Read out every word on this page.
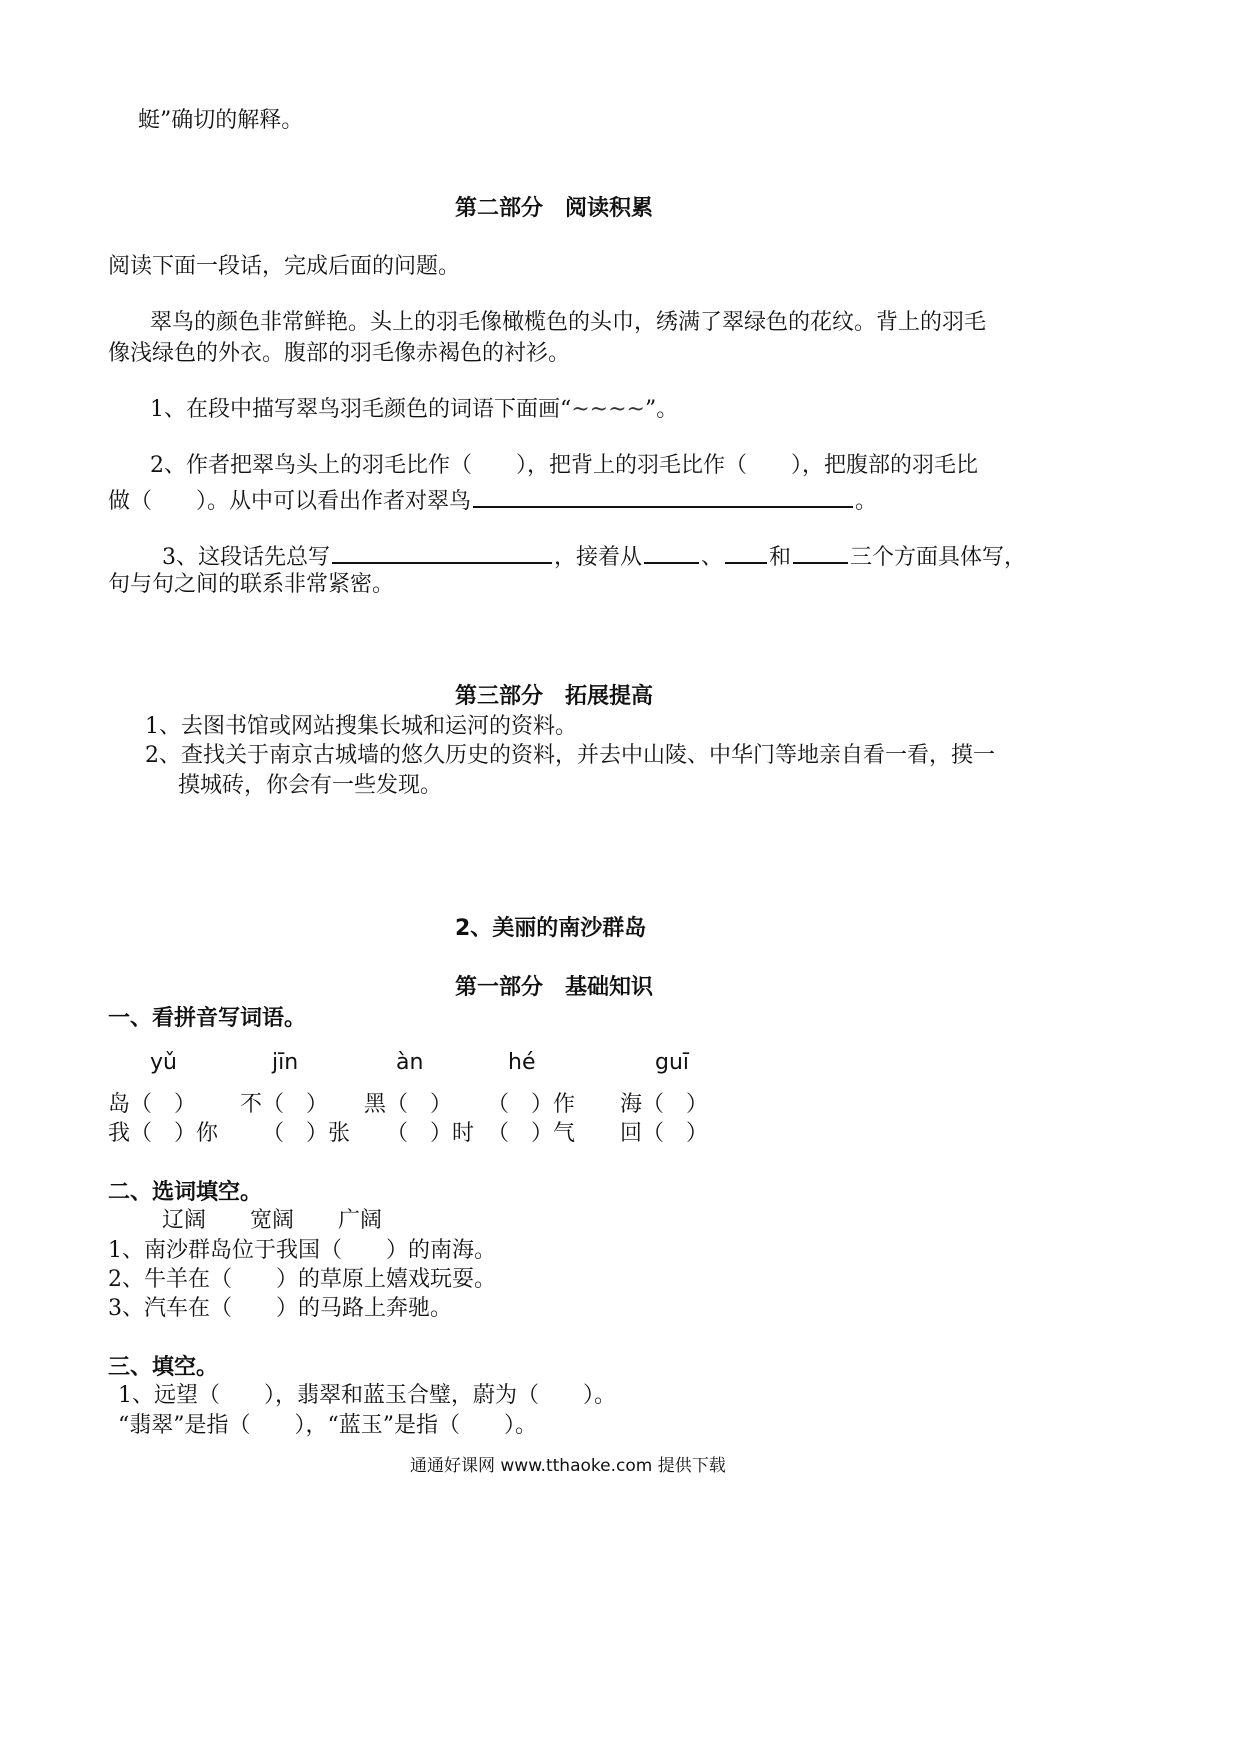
蜓”确切的解释。
第二部分　阅读积累
阅读下面一段话，完成后面的问题。
翠鸟的颜色非常鲜艳。头上的羽毛像橄榄色的头巾，绣满了翠绿色的花纹。背上的羽毛
像浅绿色的外衣。腹部的羽毛像赤褐色的衬衫。
1、在段中描写翠鸟羽毛颜色的词语下面画“~~~~”。
2、作者把翠鸟头上的羽毛比作（　　），把背上的羽毛比作（　　），把腹部的羽毛比
做（　　）。从中可以看出作者对翠鸟	。
3、这段话先总写	，接着从	、 和	三个方面具体写，
句与句之间的联系非常紧密。
第三部分　拓展提高
1、去图书馆或网站搜集长城和运河的资料。
2、查找关于南京古城墙的悠久历史的资料，并去中山陵、中华门等地亲自看一看，摸一
摸城砖，你会有一些发现。
2、美丽的南沙群岛
第一部分　基础知识
一、看拼音写词语。
yǔ	jīn	àn	hé	guī
岛（　） 不（　） 黑（　） （　）作 海（　）
我（　）你 （　）张 （　）时 （　）气 回（　）
二、选词填空。
辽阔　　宽阔　　广阔
1、南沙群岛位于我国（　　）的南海。
2、牛羊在（　　）的草原上嬉戏玩耍。
3、汽车在（　　）的马路上奔驰。
三、填空。
1、远望（　　），翡翠和蓝玉合璧，蔚为（　　）。
“翡翠”是指（　　），“蓝玉”是指（　　）。
通通好课网 www.tthaoke.com 提供下载
